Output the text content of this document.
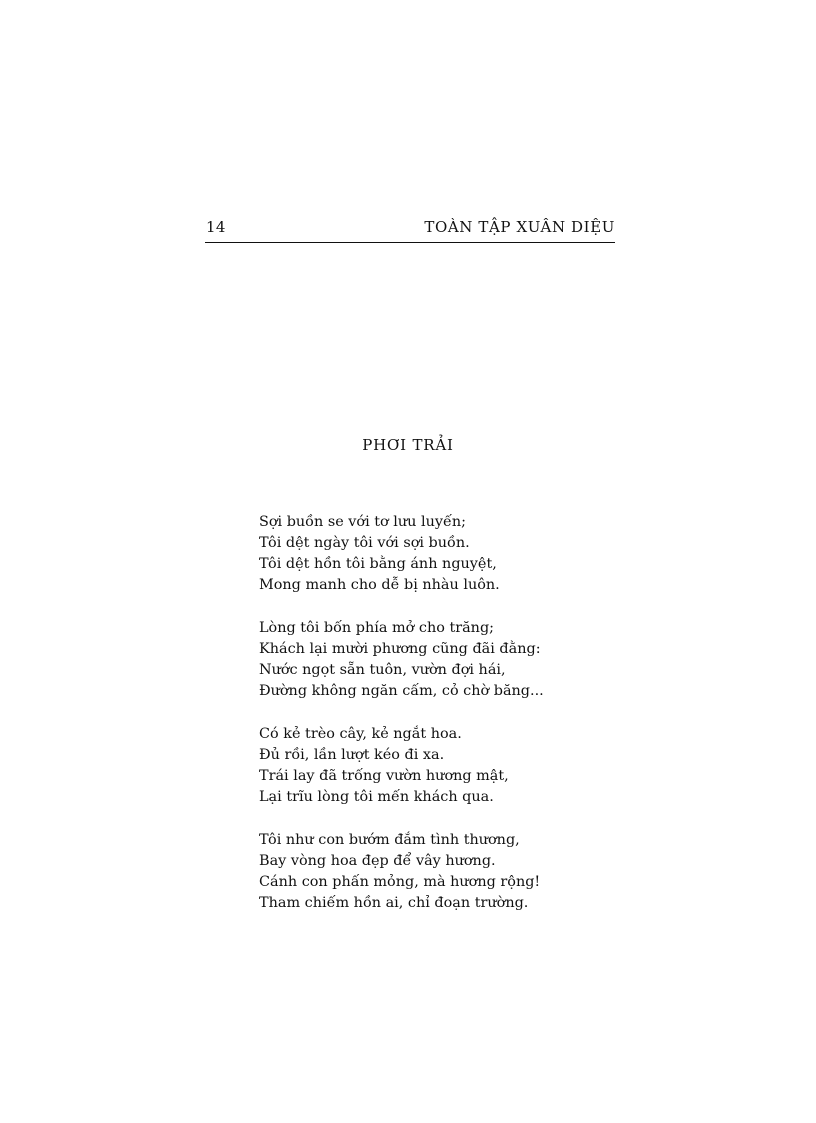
14	TOÀN TẬP XUÂN DIỆU
PHƠI TRẢI
Sợi buồn se với tơ lưu luyến;
Tôi dệt ngày tôi với sợi buồn.
Tôi dệt hồn tôi bằng ánh nguyệt,
Mong manh cho dễ bị nhàu luôn.
Lòng tôi bốn phía mở cho trăng;
Khách lại mười phương cũng đãi đằng:
Nước ngọt sẵn tuôn, vườn đợi hái,
Đường không ngăn cấm, cỏ chờ băng...
Có kẻ trèo cây, kẻ ngắt hoa.
Đủ rồi, lần lượt kéo đi xa.
Trái lay đã trống vườn hương mật,
Lại trĩu lòng tôi mến khách qua.
Tôi như con bướm đắm tình thương,
Bay vòng hoa đẹp để vây hương.
Cánh con phấn mỏng, mà hương rộng!
Tham chiếm hồn ai, chỉ đoạn trường.
